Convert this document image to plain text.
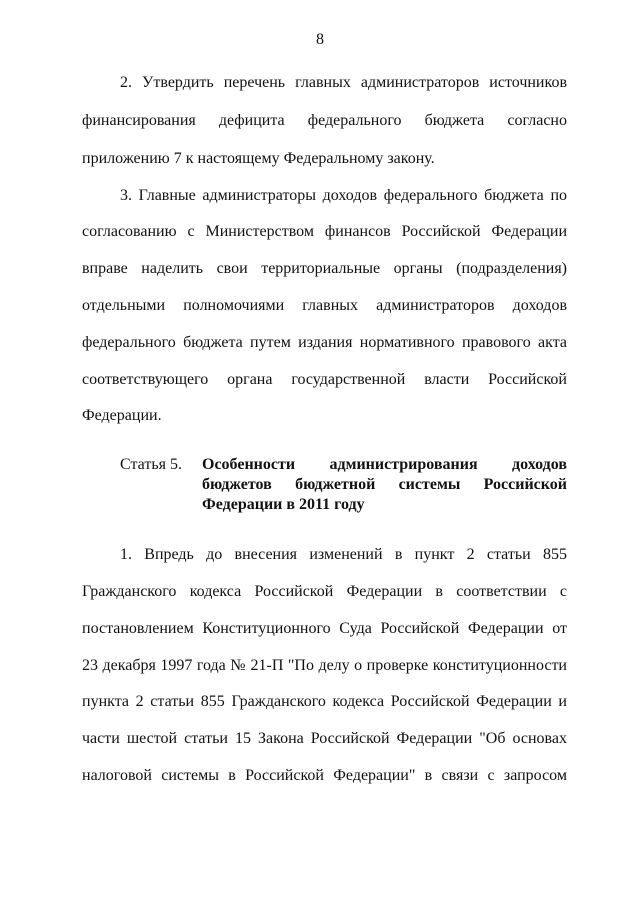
8
2. Утвердить перечень главных администраторов источников
финансирования дефицита федерального бюджета согласно
приложению 7 к настоящему Федеральному закону.
3. Главные администраторы доходов федерального бюджета по
согласованию с Министерством финансов Российской Федерации
вправе наделить свои территориальные органы (подразделения)
отдельными полномочиями главных администраторов доходов
федерального бюджета путем издания нормативного правового акта
соответствующего органа государственной власти Российской
Федерации.
Статья 5. Особенности администрирования доходов
бюджетов бюджетной системы Российской
Федерации в 2011 году
1. Впредь до внесения изменений в пункт 2 статьи 855
Гражданского кодекса Российской Федерации в соответствии с
постановлением Конституционного Суда Российской Федерации от
23 декабря 1997 года № 21-П "По делу о проверке конституционности
пункта 2 статьи 855 Гражданского кодекса Российской Федерации и
части шестой статьи 15 Закона Российской Федерации "Об основах
налоговой системы в Российской Федерации" в связи с запросом
